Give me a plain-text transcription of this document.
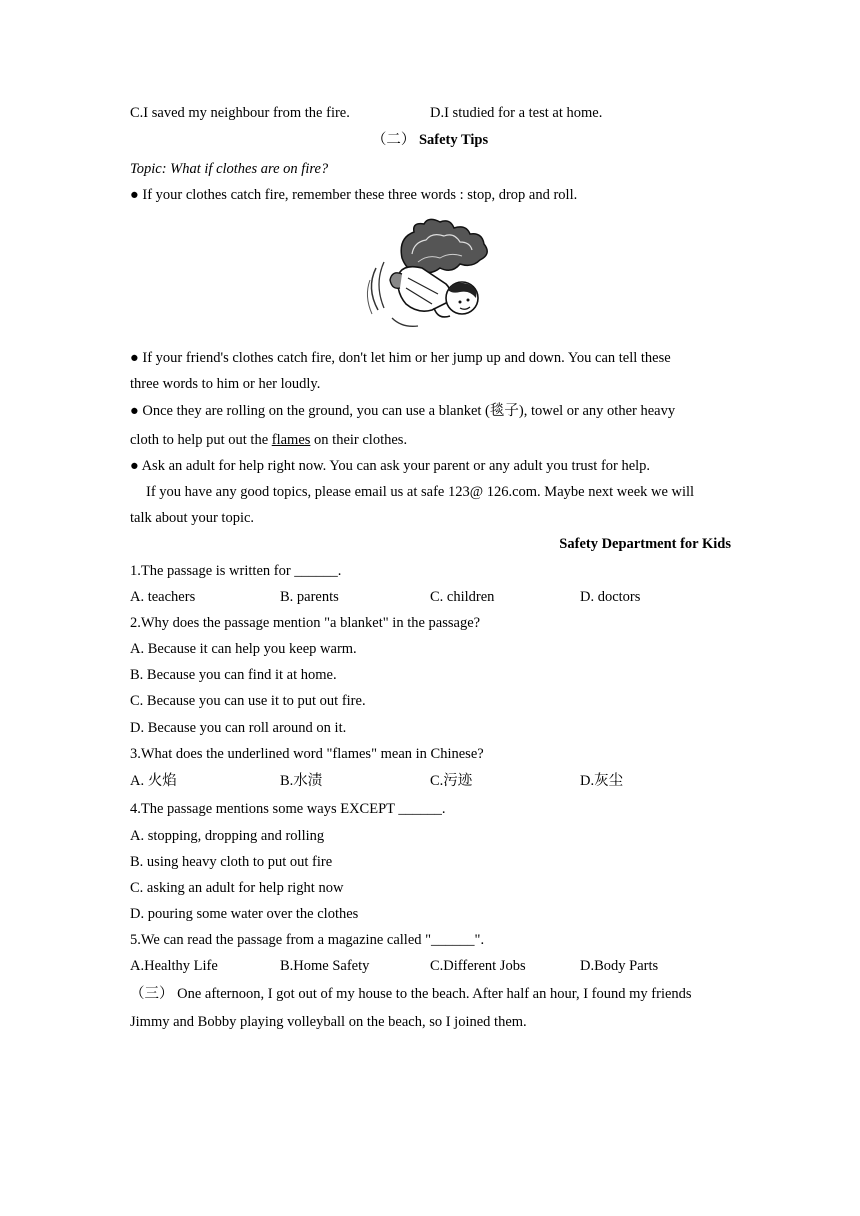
C.I saved my neighbour from the fire.	D.I studied for a test at home.
（二） Safety Tips
Topic: What if clothes are on fire?
● If your clothes catch fire, remember these three words : stop, drop and roll.
● If your friend's clothes catch fire, don't let him or her jump up and down. You can tell these
three words to him or her loudly.
● Once they are rolling on the ground, you can use a blanket (毯子), towel or any other heavy
cloth to help put out the flames on their clothes.
● Ask an adult for help right now. You can ask your parent or any adult you trust for help.
If you have any good topics, please email us at safe 123@ 126.com. Maybe next week we will
talk about your topic.
Safety Department for Kids
1.The passage is written for ______.
A. teachers	B. parents	C. children	D. doctors
2.Why does the passage mention "a blanket" in the passage?
A. Because it can help you keep warm.
B. Because you can find it at home.
C. Because you can use it to put out fire.
D. Because you can roll around on it.
3.What does the underlined word "flames" mean in Chinese?
A. 火焰	B.水渍	C.污迹	D.灰尘
4.The passage mentions some ways EXCEPT ______.
A. stopping, dropping and rolling
B. using heavy cloth to put out fire
C. asking an adult for help right now
D. pouring some water over the clothes
5.We can read the passage from a magazine called "______".
A.Healthy Life	B.Home Safety	C.Different Jobs	D.Body Parts
（三） One afternoon, I got out of my house to the beach. After half an hour, I found my friends
Jimmy and Bobby playing volleyball on the beach, so I joined them.
